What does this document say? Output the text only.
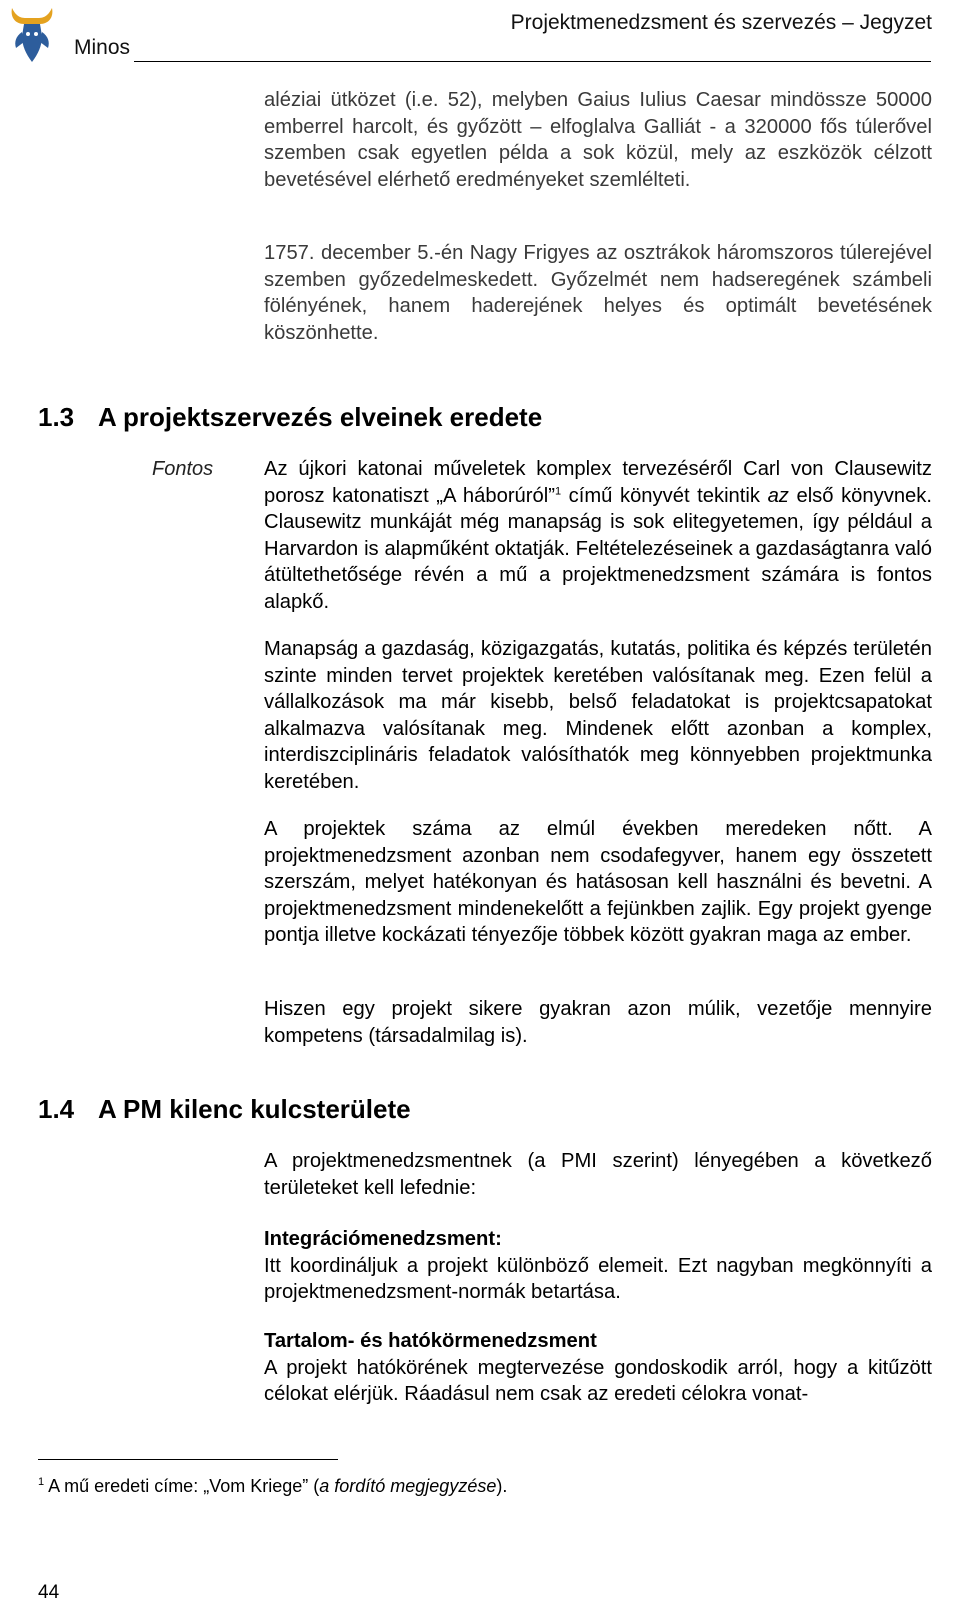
Minos
Projektmenedzsment és szervezés – Jegyzet

aléziai ütközet (i.e. 52), melyben Gaius Iulius Caesar mindössze 50000 emberrel harcolt, és győzött – elfoglalva Galliát - a 320000 fős túlerővel szemben csak egyetlen példa a sok közül, mely az eszközök célzott bevetésével elérhető eredményeket szemlélteti.

1757. december 5.-én Nagy Frigyes az osztrákok háromszoros túlerejével szemben győzedelmeskedett. Győzelmét nem hadseregének számbeli fölényének, hanem haderejének helyes és optimált bevetésének köszönhette.

1.3 A projektszervezés elveinek eredete
Fontos	Az újkori katonai műveletek komplex tervezéséről Carl von Clausewitz porosz katonatiszt „A háborúról”$^1$ című könyvét tekintik az első könyvnek. Clausewitz munkáját még manapság is sok elitegyetemen, így például a Harvardon is alapműként oktatják. Feltételezéseinek a gazdaságtanra való átültethetősége révén a mű a projektmenedzsment számára is fontos alapkő.

Manapság a gazdaság, közigazgatás, kutatás, politika és képzés területén szinte minden tervet projektek keretében valósítanak meg. Ezen felül a vállalkozások ma már kisebb, belső feladatokat is projektcsapatokat alkalmazva valósítanak meg. Mindenek előtt azonban a komplex, interdiszciplináris feladatok valósíthatók meg könnyebben projektmunka keretében.

A projektek száma az elmúl években meredeken nőtt. A projektmenedzsment azonban nem csodafegyver, hanem egy összetett szerszám, melyet hatékonyan és hatásosan kell használni és bevetni. A projektmenedzsment mindenekelőtt a fejünkben zajlik. Egy projekt gyenge pontja illetve kockázati tényezője többek között gyakran maga az ember.

Hiszen egy projekt sikere gyakran azon múlik, vezetője mennyire kompetens (társadalmilag is).

1.4 A PM kilenc kulcsterülete

A projektmenedzsmentnek (a PMI szerint) lényegében a következő területeket kell lefednie:

Integrációmenedzsment:
Itt koordináljuk a projekt különböző elemeit. Ezt nagyban megkönnyíti a projektmenedzsment-normák betartása.

Tartalom- és hatókörmenedzsment
A projekt hatókörének megtervezése gondoskodik arról, hogy a kitűzött célokat elérjük. Ráadásul nem csak az eredeti célokra vonat-

$^1$ A mű eredeti címe: „Vom Kriege” (a fordító megjegyzése).
44
